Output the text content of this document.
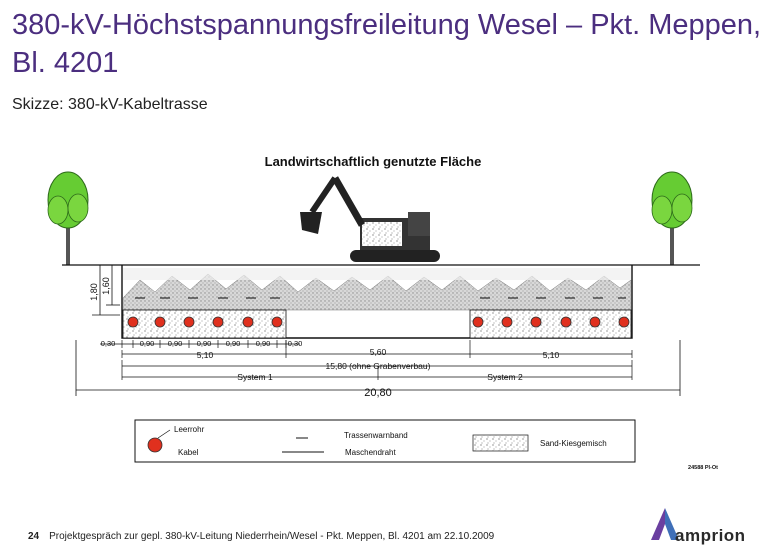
380-kV-Höchstspannungsfreileitung Wesel – Pkt. Meppen, Bl. 4201
Skizze: 380-kV-Kabeltrasse
Landwirtschaftlich genutzte Fläche
1,80 1,60
0,30	0,90 0,90 0,90 0,90 0,90 0,30
5,10	5,60	5,10
15,80 (ohne Grabenverbau)
System 1	System 2
20,80
Leerrohr
Kabel
Trassenwarnband
Maschendraht
Sand-Kiesgemisch
24588 Pl-Ot
24 Projektgespräch zur gepl. 380-kV-Leitung Niederrhein/Wesel - Pkt. Meppen, Bl. 4201 am 22.10.2009	amprion
